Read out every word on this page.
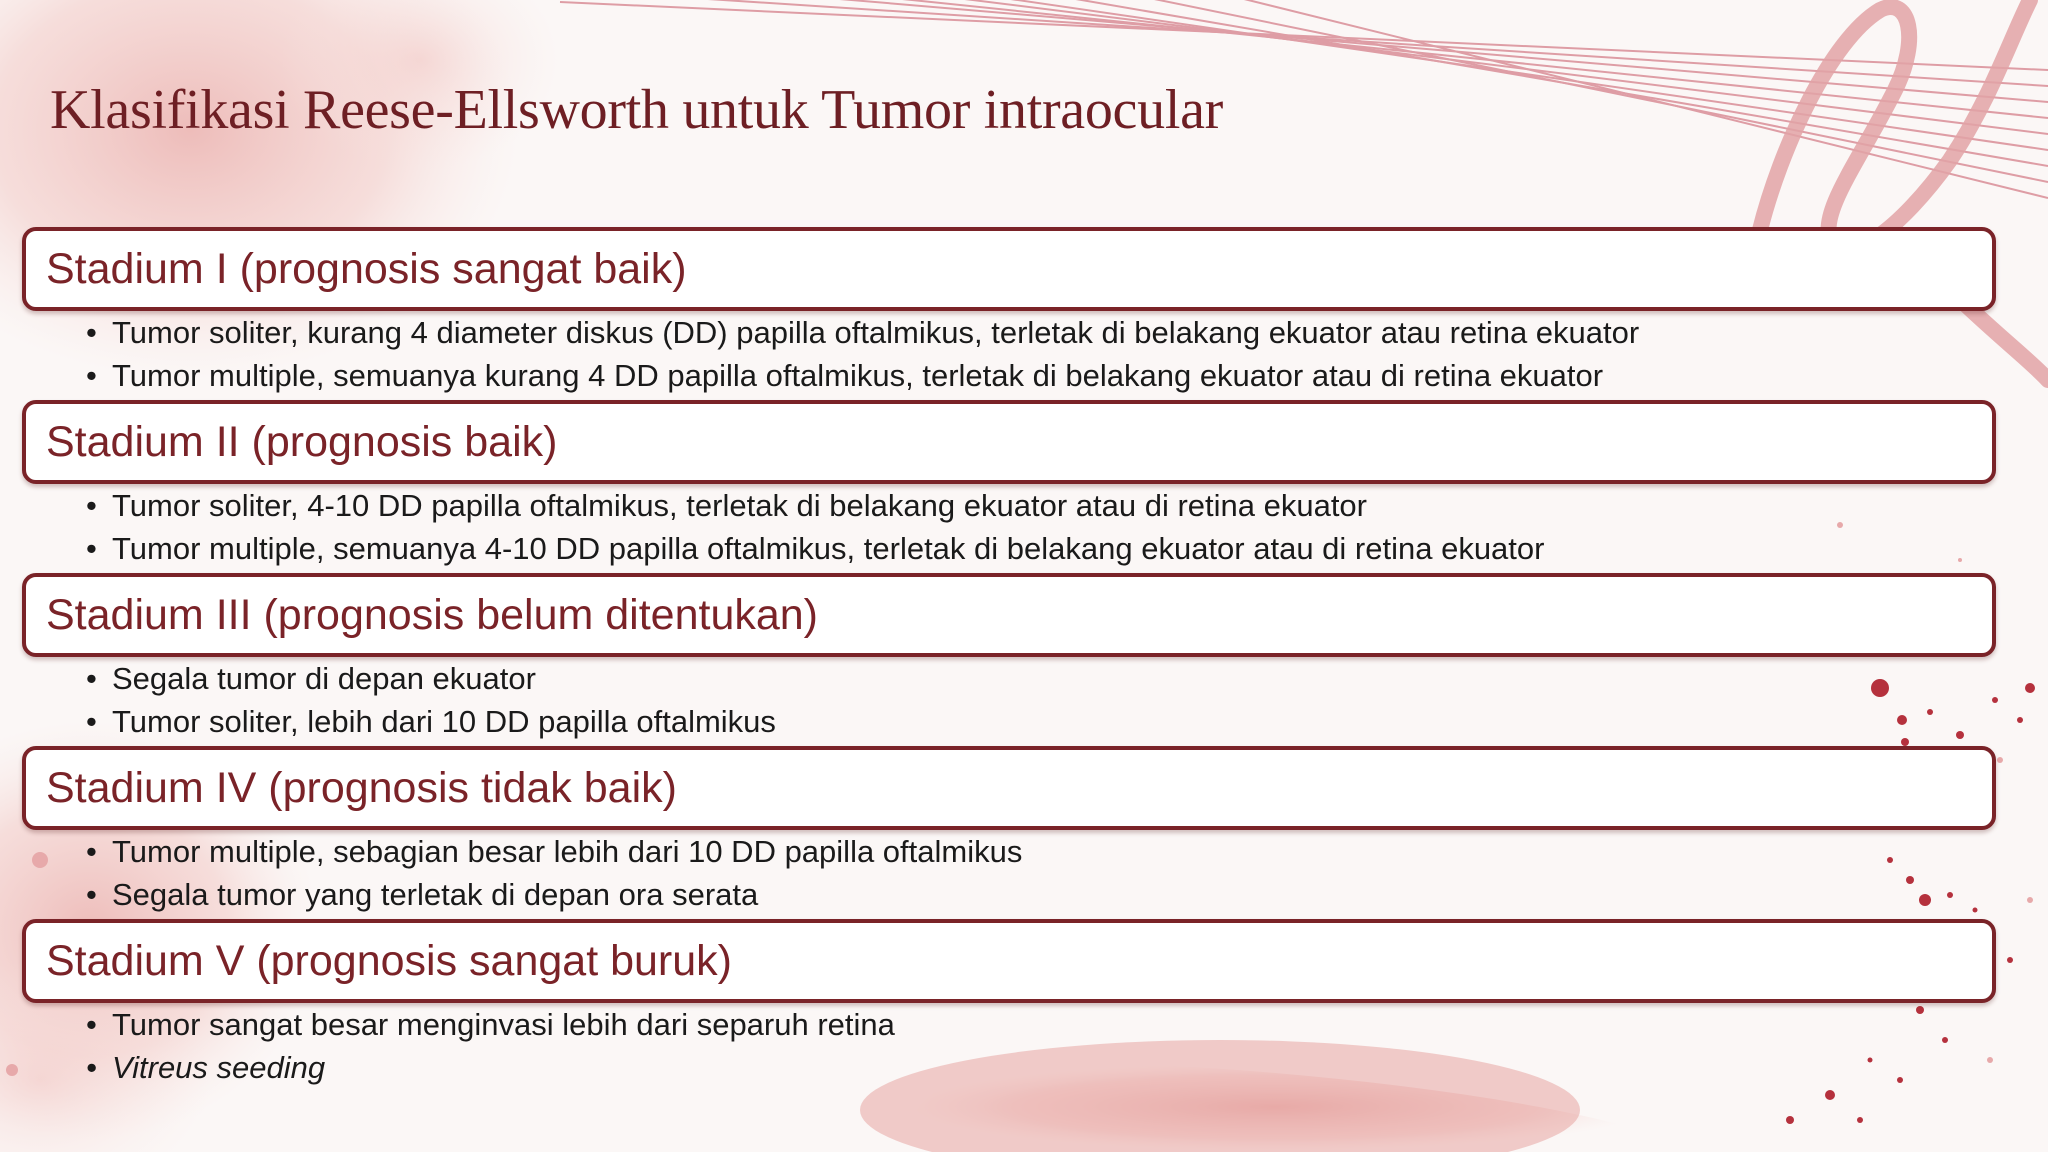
Klasifikasi Reese-Ellsworth untuk Tumor intraocular
Stadium I (prognosis sangat baik)
• Tumor soliter, kurang 4 diameter diskus (DD) papilla oftalmikus, terletak di belakang ekuator atau retina ekuator
• Tumor multiple, semuanya kurang 4 DD papilla oftalmikus, terletak di belakang ekuator atau di retina ekuator
Stadium II (prognosis baik)
• Tumor soliter, 4-10 DD papilla oftalmikus, terletak di belakang ekuator atau di retina ekuator
• Tumor multiple, semuanya 4-10 DD papilla oftalmikus, terletak di belakang ekuator atau di retina ekuator
Stadium III (prognosis belum ditentukan)
• Segala tumor di depan ekuator
• Tumor soliter, lebih dari 10 DD papilla oftalmikus
Stadium IV (prognosis tidak baik)
• Tumor multiple, sebagian besar lebih dari 10 DD papilla oftalmikus
• Segala tumor yang terletak di depan ora serata
Stadium V (prognosis sangat buruk)
• Tumor sangat besar menginvasi lebih dari separuh retina
• Vitreus seeding
